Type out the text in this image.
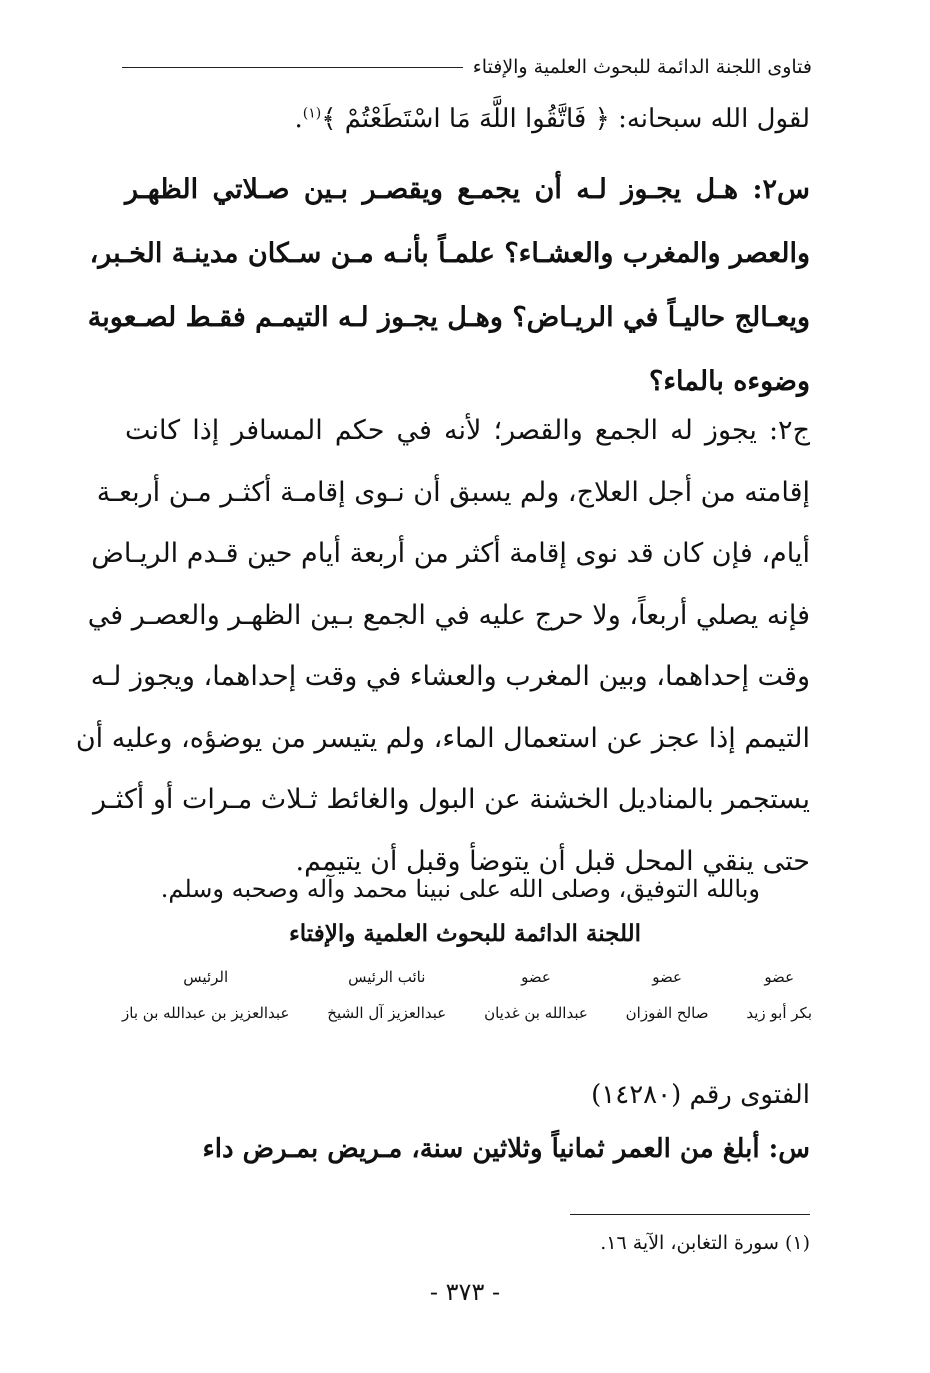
فتاوى اللجنة الدائمة للبحوث العلمية والإفتاء
لقول الله سبحانه: ﴿ فَاتَّقُوا اللَّهَ مَا اسْتَطَعْتُمْ ﴾$^{(١)}$.
س٢: هـل يجـوز لـه أن يجمـع ويقصـر بـين صـلاتي الظهـر
والعصر والمغرب والعشـاء؟ علمـاً بأنـه مـن سـكان مدينـة الخـبر،
ويعـالج حاليـاً في الريـاض؟ وهـل يجـوز لـه التيمـم فقـط لصـعوبة
وضوءه بالماء؟
ج٢: يجوز له الجمع والقصر؛ لأنه في حكم المسافر إذا كانت
إقامته من أجل العلاج، ولم يسبق أن نـوى إقامـة أكثـر مـن أربعـة
أيام، فإن كان قد نوى إقامة أكثر من أربعة أيام حين قـدم الريـاض
فإنه يصلي أربعاً، ولا حرج عليه في الجمع بـين الظهـر والعصـر في
وقت إحداهما، وبين المغرب والعشاء في وقت إحداهما، ويجوز لـه
التيمم إذا عجز عن استعمال الماء، ولم يتيسر من يوضؤه، وعليه أن
يستجمر بالمناديل الخشنة عن البول والغائط ثـلاث مـرات أو أكثـر
حتى ينقي المحل قبل أن يتوضأ وقبل أن يتيمم.
وبالله التوفيق، وصلى الله على نبينا محمد وآله وصحبه وسلم.
اللجنة الدائمة للبحوث العلمية والإفتاء
عضو
بكر أبو زيد
عضو
صالح الفوزان
عضو
عبدالله بن غديان
نائب الرئيس
عبدالعزيز آل الشيخ
الرئيس
عبدالعزيز بن عبدالله بن باز
الفتوى رقم (١٤٢٨٠)
س: أبلغ من العمر ثمانياً وثلاثين سنة، مـريض بمـرض داء
(١) سورة التغابن، الآية ١٦.
- ٣٧٣ -
